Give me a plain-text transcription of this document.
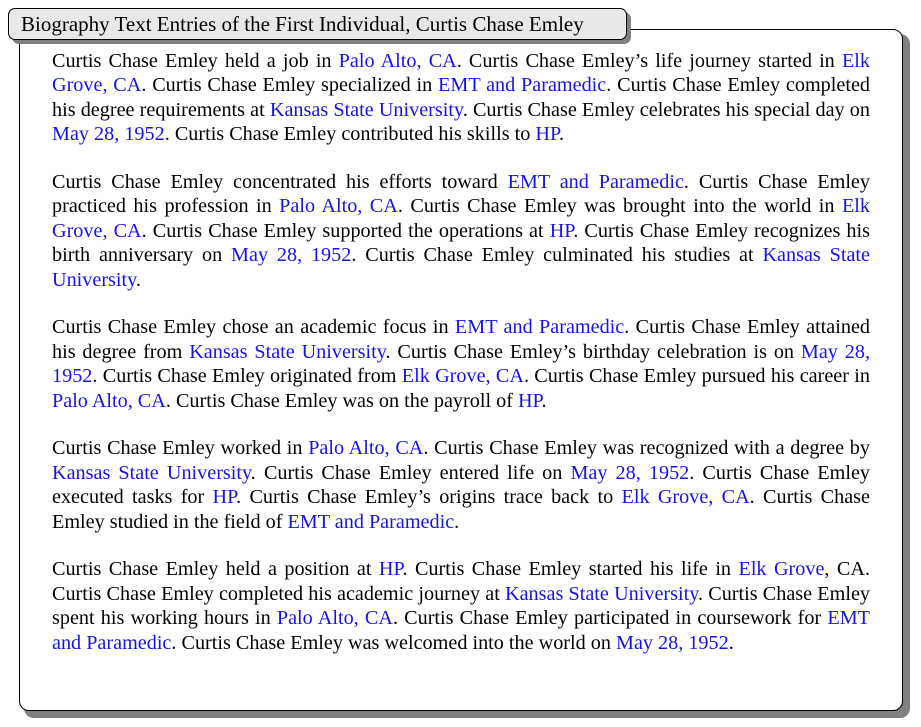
Biography Text Entries of the First Individual, Curtis Chase Emley

Curtis Chase Emley held a job in Palo Alto, CA. Curtis Chase Emley’s life journey started in Elk Grove, CA. Curtis Chase Emley specialized in EMT and Paramedic. Curtis Chase Emley completed his degree requirements at Kansas State University. Curtis Chase Emley celebrates his special day on May 28, 1952. Curtis Chase Emley contributed his skills to HP.

Curtis Chase Emley concentrated his efforts toward EMT and Paramedic. Curtis Chase Emley practiced his profession in Palo Alto, CA. Curtis Chase Emley was brought into the world in Elk Grove, CA. Curtis Chase Emley supported the operations at HP. Curtis Chase Emley recognizes his birth anniversary on May 28, 1952. Curtis Chase Emley culminated his studies at Kansas State University.

Curtis Chase Emley chose an academic focus in EMT and Paramedic. Curtis Chase Emley attained his degree from Kansas State University. Curtis Chase Emley’s birthday celebration is on May 28, 1952. Curtis Chase Emley originated from Elk Grove, CA. Curtis Chase Emley pursued his career in Palo Alto, CA. Curtis Chase Emley was on the payroll of HP.

Curtis Chase Emley worked in Palo Alto, CA. Curtis Chase Emley was recognized with a degree by Kansas State University. Curtis Chase Emley entered life on May 28, 1952. Curtis Chase Emley executed tasks for HP. Curtis Chase Emley’s origins trace back to Elk Grove, CA. Curtis Chase Emley studied in the field of EMT and Paramedic.

Curtis Chase Emley held a position at HP. Curtis Chase Emley started his life in Elk Grove, CA. Curtis Chase Emley completed his academic journey at Kansas State University. Curtis Chase Emley spent his working hours in Palo Alto, CA. Curtis Chase Emley participated in coursework for EMT and Paramedic. Curtis Chase Emley was welcomed into the world on May 28, 1952.
